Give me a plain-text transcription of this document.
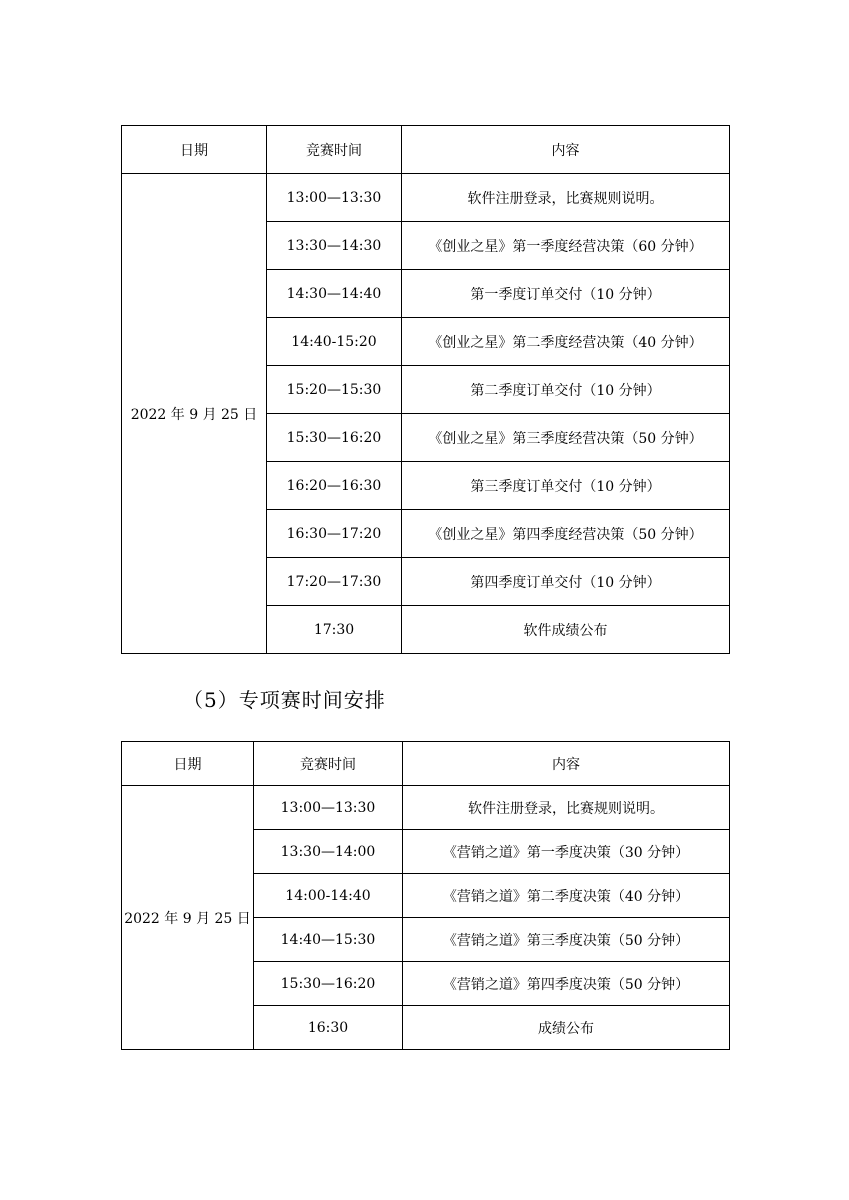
日期	竞赛时间	内容
2022 年 9 月 25 日	13:00—13:30	软件注册登录，比赛规则说明。
	13:30—14:30	《创业之星》第一季度经营决策（60 分钟）
	14:30—14:40	第一季度订单交付（10 分钟）
	14:40-15:20	《创业之星》第二季度经营决策（40 分钟）
	15:20—15:30	第二季度订单交付（10 分钟）
	15:30—16:20	《创业之星》第三季度经营决策（50 分钟）
	16:20—16:30	第三季度订单交付（10 分钟）
	16:30—17:20	《创业之星》第四季度经营决策（50 分钟）
	17:20—17:30	第四季度订单交付（10 分钟）
	17:30	软件成绩公布
（5）专项赛时间安排
日期	竞赛时间	内容
2022 年 9 月 25 日	13:00—13:30	软件注册登录，比赛规则说明。
	13:30—14:00	《营销之道》第一季度决策（30 分钟）
	14:00-14:40	《营销之道》第二季度决策（40 分钟）
	14:40—15:30	《营销之道》第三季度决策（50 分钟）
	15:30—16:20	《营销之道》第四季度决策（50 分钟）
	16:30	成绩公布
